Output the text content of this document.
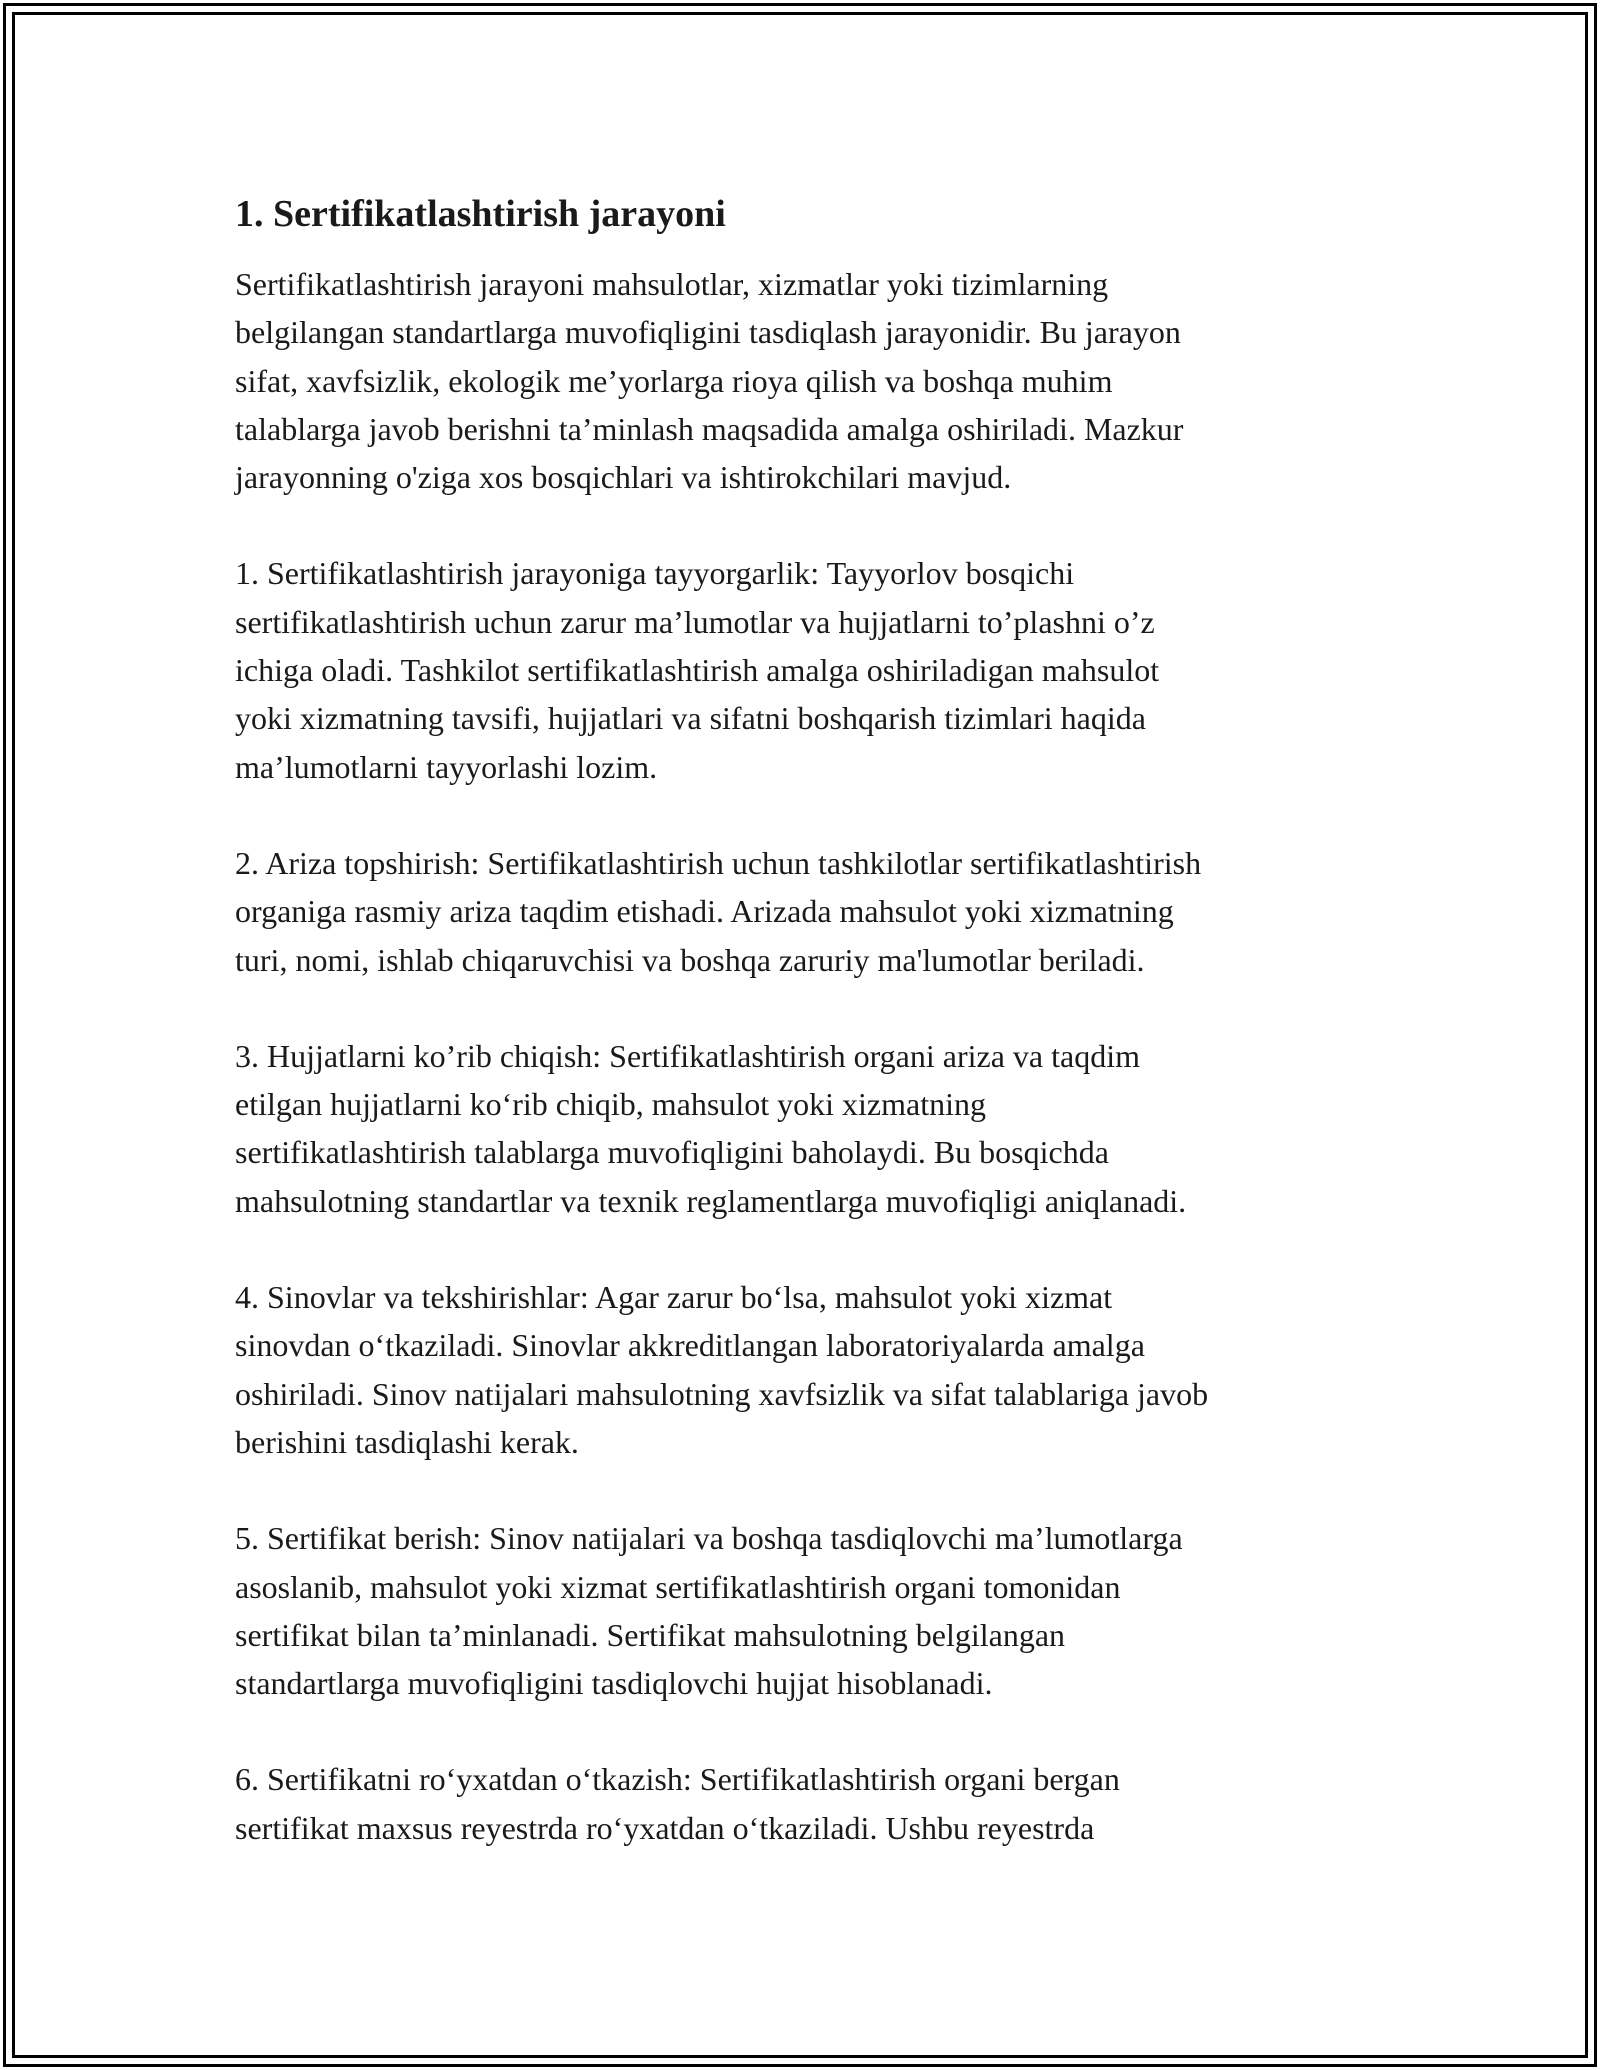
1. Sertifikatlashtirish jarayoni

Sertifikatlashtirish jarayoni mahsulotlar, xizmatlar yoki tizimlarning
belgilangan standartlarga muvofiqligini tasdiqlash jarayonidir. Bu jarayon
sifat, xavfsizlik, ekologik me’yorlarga rioya qilish va boshqa muhim
talablarga javob berishni ta’minlash maqsadida amalga oshiriladi. Mazkur
jarayonning o'ziga xos bosqichlari va ishtirokchilari mavjud.

1. Sertifikatlashtirish jarayoniga tayyorgarlik: Tayyorlov bosqichi
sertifikatlashtirish uchun zarur ma’lumotlar va hujjatlarni to’plashni o’z
ichiga oladi. Tashkilot sertifikatlashtirish amalga oshiriladigan mahsulot
yoki xizmatning tavsifi, hujjatlari va sifatni boshqarish tizimlari haqida
ma’lumotlarni tayyorlashi lozim.

2. Ariza topshirish: Sertifikatlashtirish uchun tashkilotlar sertifikatlashtirish
organiga rasmiy ariza taqdim etishadi. Arizada mahsulot yoki xizmatning
turi, nomi, ishlab chiqaruvchisi va boshqa zaruriy ma'lumotlar beriladi.

3. Hujjatlarni ko’rib chiqish: Sertifikatlashtirish organi ariza va taqdim
etilgan hujjatlarni ko‘rib chiqib, mahsulot yoki xizmatning
sertifikatlashtirish talablarga muvofiqligini baholaydi. Bu bosqichda
mahsulotning standartlar va texnik reglamentlarga muvofiqligi aniqlanadi.

4. Sinovlar va tekshirishlar: Agar zarur bo‘lsa, mahsulot yoki xizmat
sinovdan o‘tkaziladi. Sinovlar akkreditlangan laboratoriyalarda amalga
oshiriladi. Sinov natijalari mahsulotning xavfsizlik va sifat talablariga javob
berishini tasdiqlashi kerak.

5. Sertifikat berish: Sinov natijalari va boshqa tasdiqlovchi ma’lumotlarga
asoslanib, mahsulot yoki xizmat sertifikatlashtirish organi tomonidan
sertifikat bilan ta’minlanadi. Sertifikat mahsulotning belgilangan
standartlarga muvofiqligini tasdiqlovchi hujjat hisoblanadi.

6. Sertifikatni ro‘yxatdan o‘tkazish: Sertifikatlashtirish organi bergan
sertifikat maxsus reyestrda ro‘yxatdan o‘tkaziladi. Ushbu reyestrda
